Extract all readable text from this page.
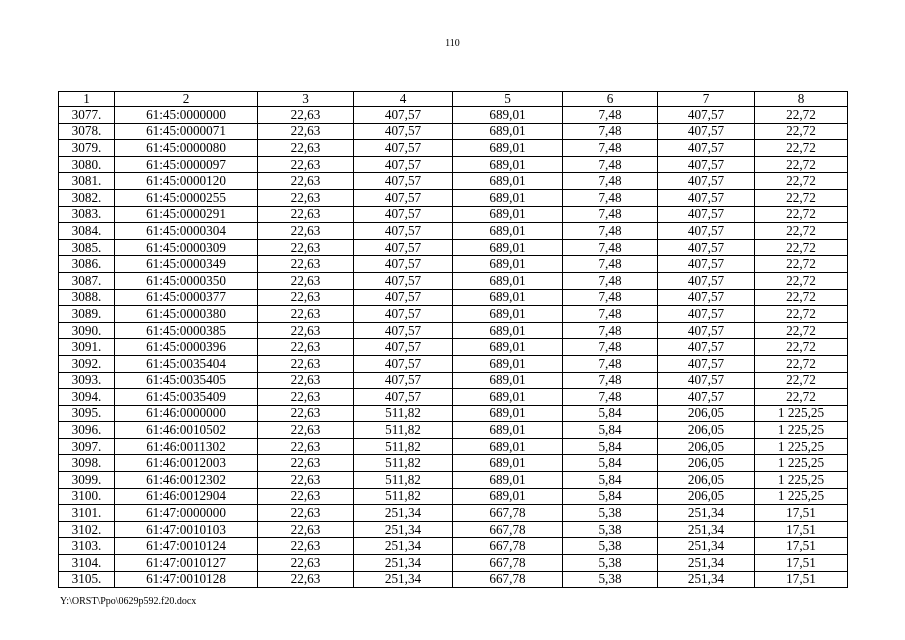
110
1	2	3	4	5	6	7	8
3077.	61:45:0000000	22,63	407,57	689,01	7,48	407,57	22,72
3078.	61:45:0000071	22,63	407,57	689,01	7,48	407,57	22,72
3079.	61:45:0000080	22,63	407,57	689,01	7,48	407,57	22,72
3080.	61:45:0000097	22,63	407,57	689,01	7,48	407,57	22,72
3081.	61:45:0000120	22,63	407,57	689,01	7,48	407,57	22,72
3082.	61:45:0000255	22,63	407,57	689,01	7,48	407,57	22,72
3083.	61:45:0000291	22,63	407,57	689,01	7,48	407,57	22,72
3084.	61:45:0000304	22,63	407,57	689,01	7,48	407,57	22,72
3085.	61:45:0000309	22,63	407,57	689,01	7,48	407,57	22,72
3086.	61:45:0000349	22,63	407,57	689,01	7,48	407,57	22,72
3087.	61:45:0000350	22,63	407,57	689,01	7,48	407,57	22,72
3088.	61:45:0000377	22,63	407,57	689,01	7,48	407,57	22,72
3089.	61:45:0000380	22,63	407,57	689,01	7,48	407,57	22,72
3090.	61:45:0000385	22,63	407,57	689,01	7,48	407,57	22,72
3091.	61:45:0000396	22,63	407,57	689,01	7,48	407,57	22,72
3092.	61:45:0035404	22,63	407,57	689,01	7,48	407,57	22,72
3093.	61:45:0035405	22,63	407,57	689,01	7,48	407,57	22,72
3094.	61:45:0035409	22,63	407,57	689,01	7,48	407,57	22,72
3095.	61:46:0000000	22,63	511,82	689,01	5,84	206,05	1 225,25
3096.	61:46:0010502	22,63	511,82	689,01	5,84	206,05	1 225,25
3097.	61:46:0011302	22,63	511,82	689,01	5,84	206,05	1 225,25
3098.	61:46:0012003	22,63	511,82	689,01	5,84	206,05	1 225,25
3099.	61:46:0012302	22,63	511,82	689,01	5,84	206,05	1 225,25
3100.	61:46:0012904	22,63	511,82	689,01	5,84	206,05	1 225,25
3101.	61:47:0000000	22,63	251,34	667,78	5,38	251,34	17,51
3102.	61:47:0010103	22,63	251,34	667,78	5,38	251,34	17,51
3103.	61:47:0010124	22,63	251,34	667,78	5,38	251,34	17,51
3104.	61:47:0010127	22,63	251,34	667,78	5,38	251,34	17,51
3105.	61:47:0010128	22,63	251,34	667,78	5,38	251,34	17,51
Y:\ORST\Ppo\0629p592.f20.docx
